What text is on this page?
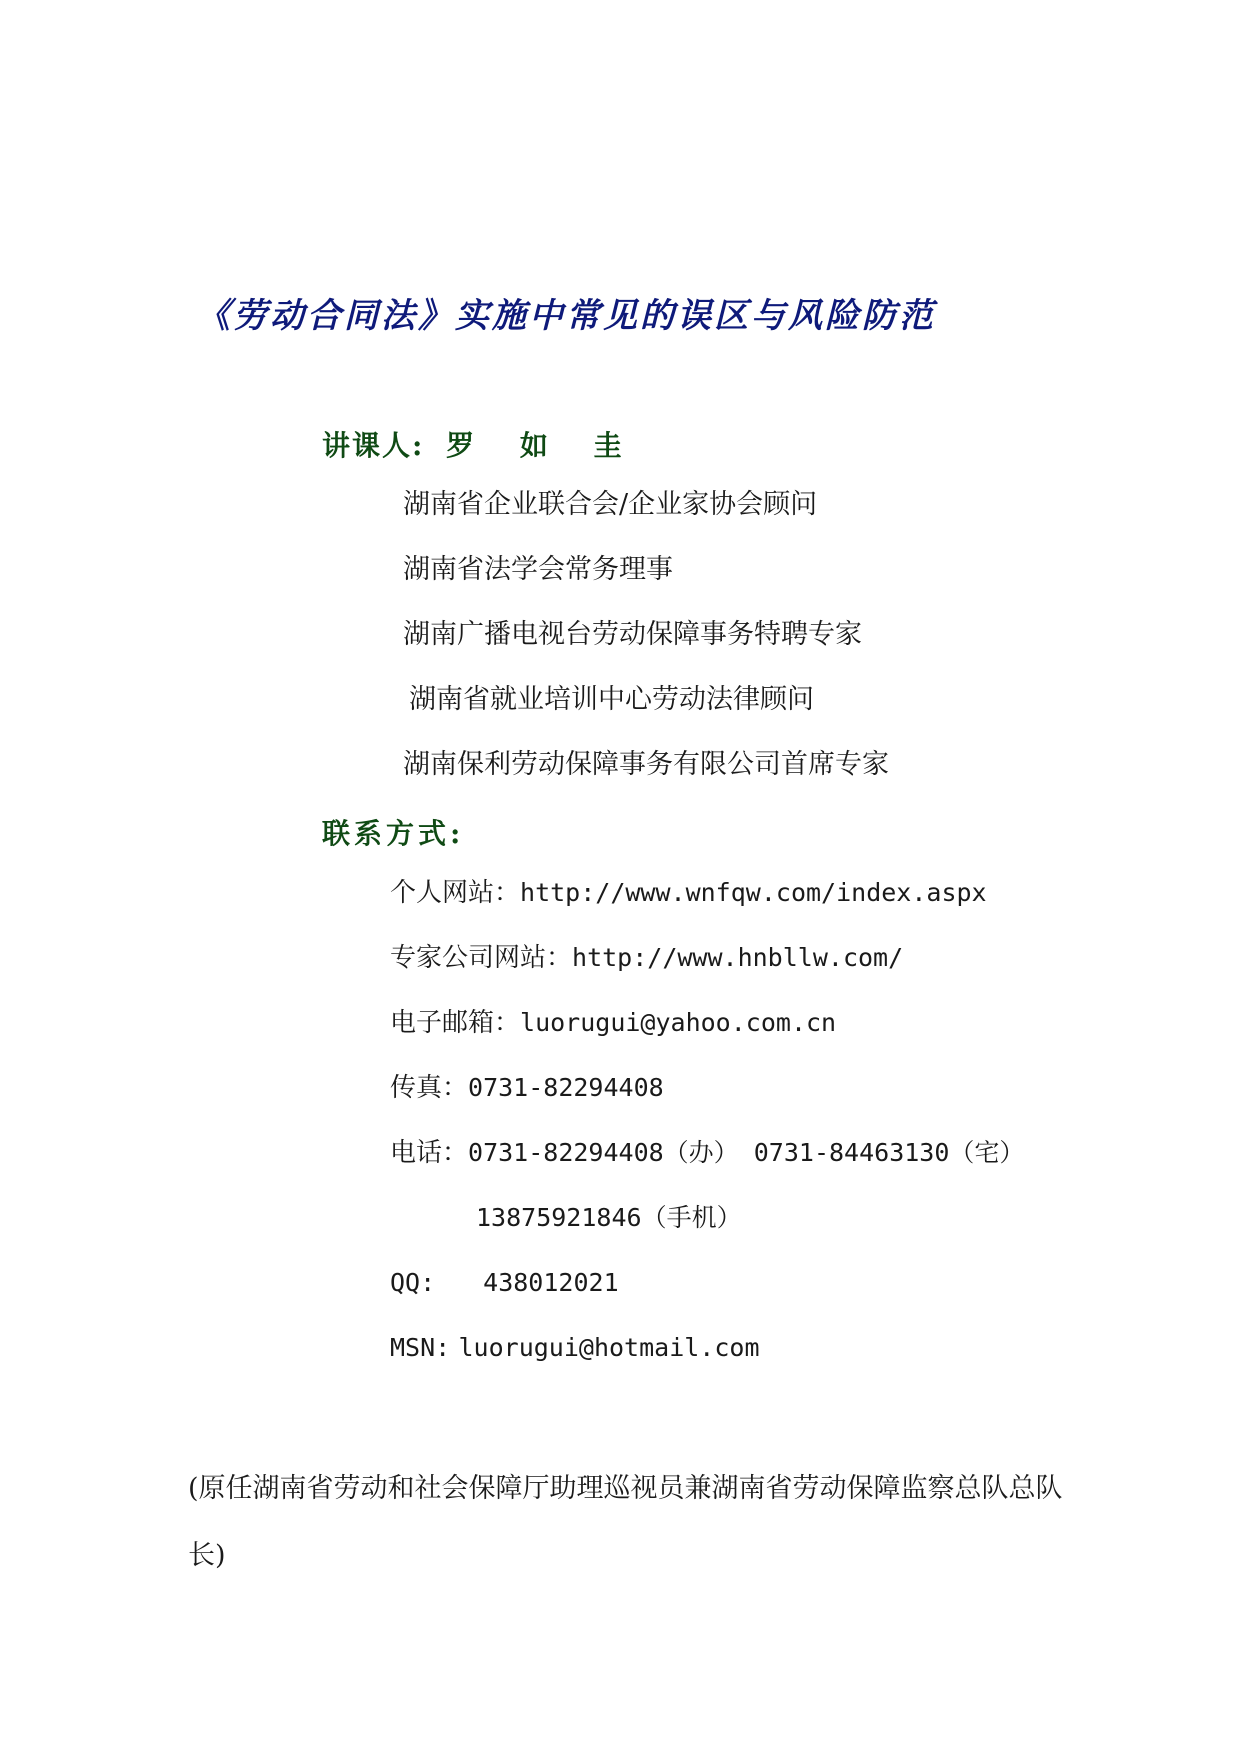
《劳动合同法》实施中常见的误区与风险防范
讲课人: 罗 如 圭
湖南省企业联合会/企业家协会顾问
湖南省法学会常务理事
湖南广播电视台劳动保障事务特聘专家
湖南省就业培训中心劳动法律顾问
湖南保利劳动保障事务有限公司首席专家
联系方式:
个人网站：http://www.wnfqw.com/index.aspx
专家公司网站：http://www.hnbllw.com/
电子邮箱：luorugui@yahoo.com.cn
传真：0731-82294408
电话：0731-82294408（办） 0731-84463130（宅）
13875921846（手机）
QQ: 438012021
MSN: luorugui@hotmail.com
(原任湖南省劳动和社会保障厅助理巡视员兼湖南省劳动保障监察总队总队长)
